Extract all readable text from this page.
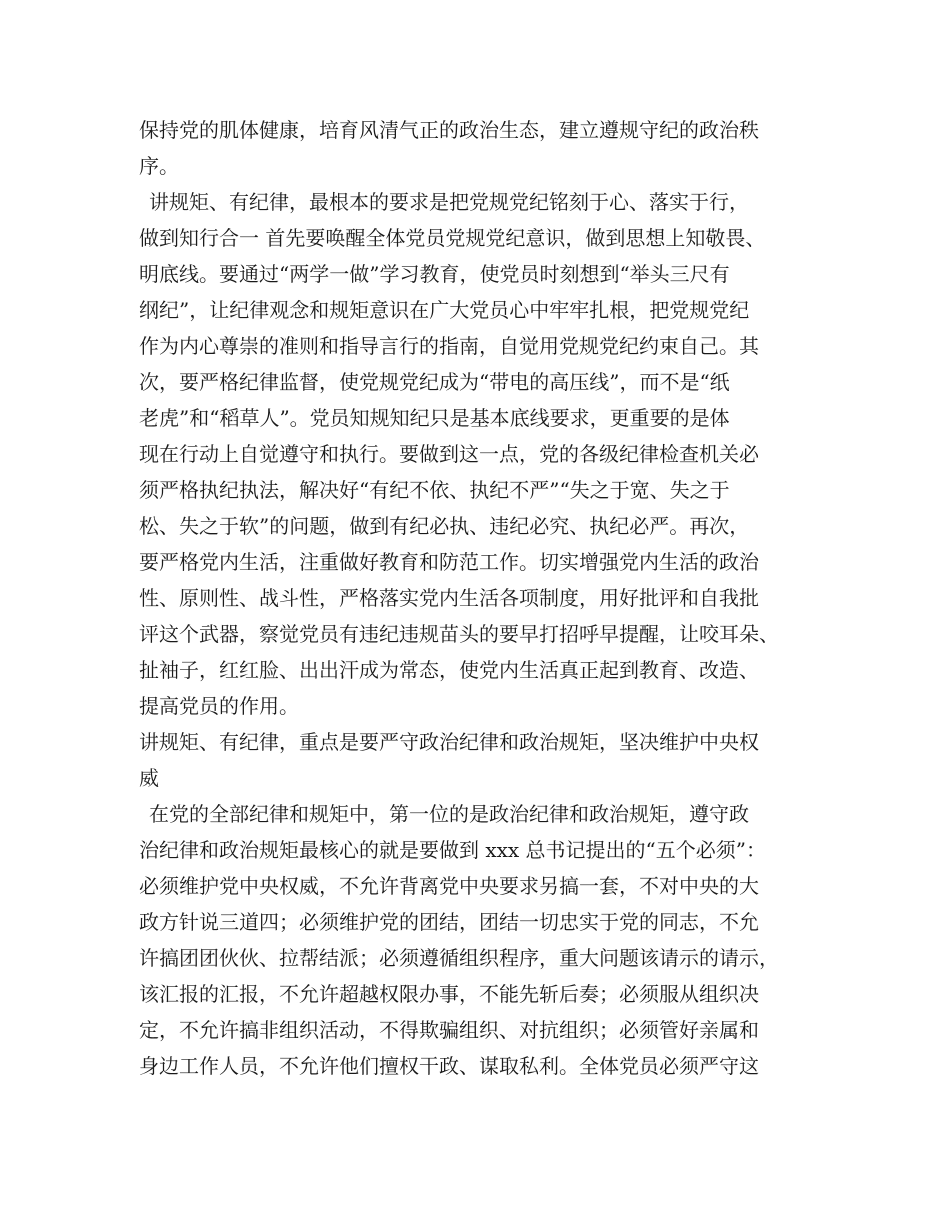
保持党的肌体健康，培育风清气正的政治生态，建立遵规守纪的政治秩
序。
讲规矩、有纪律，最根本的要求是把党规党纪铭刻于心、落实于行，
做到知行合一 首先要唤醒全体党员党规党纪意识，做到思想上知敬畏、
明底线。要通过“两学一做”学习教育，使党员时刻想到“举头三尺有
纲纪”，让纪律观念和规矩意识在广大党员心中牢牢扎根，把党规党纪
作为内心尊崇的准则和指导言行的指南，自觉用党规党纪约束自己。其
次，要严格纪律监督，使党规党纪成为“带电的高压线”，而不是“纸
老虎”和“稻草人”。党员知规知纪只是基本底线要求，更重要的是体
现在行动上自觉遵守和执行。要做到这一点，党的各级纪律检查机关必
须严格执纪执法，解决好“有纪不依、执纪不严”“失之于宽、失之于
松、失之于软”的问题，做到有纪必执、违纪必究、执纪必严。再次，
要严格党内生活，注重做好教育和防范工作。切实增强党内生活的政治
性、原则性、战斗性，严格落实党内生活各项制度，用好批评和自我批
评这个武器，察觉党员有违纪违规苗头的要早打招呼早提醒，让咬耳朵、
扯袖子，红红脸、出出汗成为常态，使党内生活真正起到教育、改造、
提高党员的作用。
讲规矩、有纪律，重点是要严守政治纪律和政治规矩，坚决维护中央权
威
在党的全部纪律和规矩中，第一位的是政治纪律和政治规矩，遵守政
治纪律和政治规矩最核心的就是要做到 xxx 总书记提出的“五个必须”：
必须维护党中央权威，不允许背离党中央要求另搞一套，不对中央的大
政方针说三道四；必须维护党的团结，团结一切忠实于党的同志，不允
许搞团团伙伙、拉帮结派；必须遵循组织程序，重大问题该请示的请示，
该汇报的汇报，不允许超越权限办事，不能先斩后奏；必须服从组织决
定，不允许搞非组织活动，不得欺骗组织、对抗组织；必须管好亲属和
身边工作人员，不允许他们擅权干政、谋取私利。全体党员必须严守这
